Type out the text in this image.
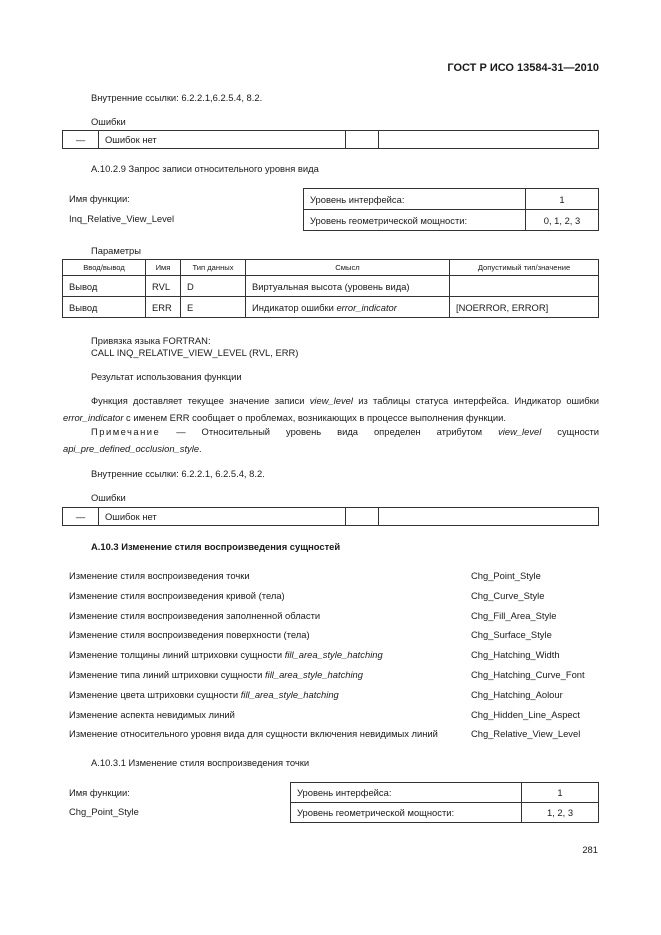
ГОСТ Р ИСО 13584-31—2010
Внутренние ссылки: 6.2.2.1,6.2.5.4, 8.2.
Ошибки
—	Ошибок нет		
А.10.2.9 Запрос записи относительного уровня вида
Имя функции:
Inq_Relative_View_Level
Уровень интерфейса:	1
Уровень геометрической мощности:	0, 1, 2, 3
Параметры
Ввод/вывод	Имя	Тип данных	Смысл	Допустимый тип/значение
Вывод	RVL	D	Виртуальная высота (уровень вида)	
Вывод	ERR	E	Индикатор ошибки error_indicator	[NOERROR, ERROR]
Привязка языка FORTRAN:
CALL INQ_RELATIVE_VIEW_LEVEL (RVL, ERR)
Результат использования функции
Функция доставляет текущее значение записи view_level из таблицы статуса интерфейса. Индикатор ошибки error_indicator с именем ERR сообщает о проблемах, возникающих в процессе выполнения функции.
Примечание — Относительный уровень вида определен атрибутом view_level сущности api_pre_defined_occlusion_style.
Внутренние ссылки: 6.2.2.1, 6.2.5.4, 8.2.
Ошибки
—	Ошибок нет		
А.10.3 Изменение стиля воспроизведения сущностей
Изменение стиля воспроизведения точки	Chg_Point_Style
Изменение стиля воспроизведения кривой (тела)	Chg_Curve_Style
Изменение стиля воспроизведения заполненной области	Chg_Fill_Area_Style
Изменение стиля воспроизведения поверхности (тела)	Chg_Surface_Style
Изменение толщины линий штриховки сущности fill_area_style_hatching	Chg_Hatching_Width
Изменение типа линий штриховки сущности fill_area_style_hatching	Chg_Hatching_Curve_Font
Изменение цвета штриховки сущности fill_area_style_hatching	Chg_Hatching_Aolour
Изменение аспекта невидимых линий	Chg_Hidden_Line_Aspect
Изменение относительного уровня вида для сущности включения невидимых линий	Chg_Relative_View_Level
А.10.3.1 Изменение стиля воспроизведения точки
Имя функции:
Chg_Point_Style
Уровень интерфейса:	1
Уровень геометрической мощности:	1, 2, 3
281
